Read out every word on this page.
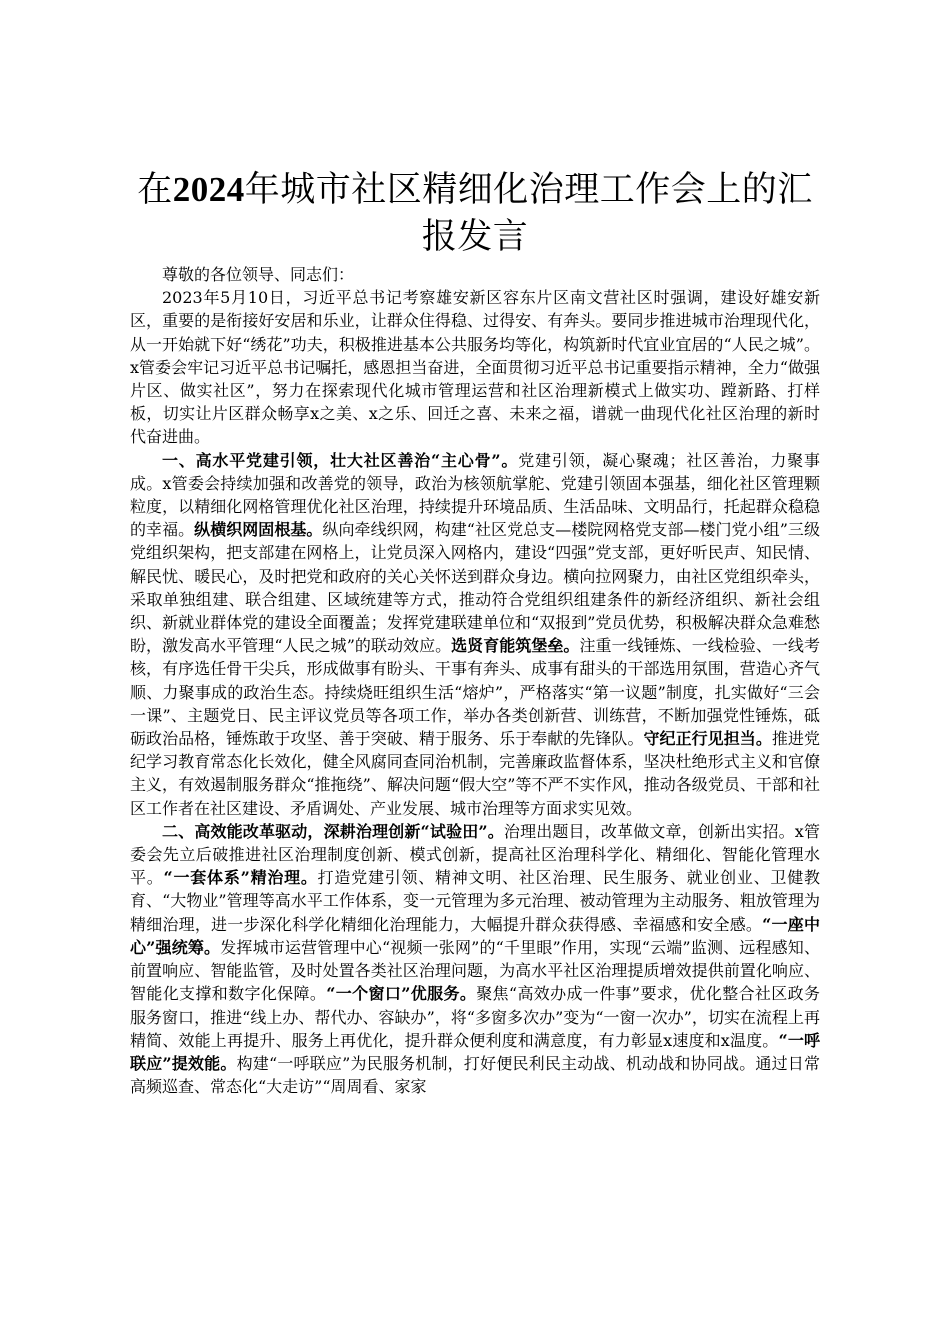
在2024年城市社区精细化治理工作会上的汇报发言

尊敬的各位领导、同志们：

2023年5月10日，习近平总书记考察雄安新区容东片区南文营社区时强调，建设好雄安新区，重要的是衔接好安居和乐业，让群众住得稳、过得安、有奔头。要同步推进城市治理现代化，从一开始就下好“绣花”功夫，积极推进基本公共服务均等化，构筑新时代宜业宜居的“人民之城”。x管委会牢记习近平总书记嘱托，感恩担当奋进，全面贯彻习近平总书记重要指示精神，全力“做强片区、做实社区”，努力在探索现代化城市管理运营和社区治理新模式上做实功、蹚新路、打样板，切实让片区群众畅享x之美、x之乐、回迁之喜、未来之福，谱就一曲现代化社区治理的新时代奋进曲。

一、高水平党建引领，壮大社区善治“主心骨”。党建引领，凝心聚魂；社区善治，力聚事成。x管委会持续加强和改善党的领导，政治为核领航掌舵、党建引领固本强基，细化社区管理颗粒度，以精细化网格管理优化社区治理，持续提升环境品质、生活品味、文明品行，托起群众稳稳的幸福。纵横织网固根基。纵向牵线织网，构建“社区党总支—楼院网格党支部—楼门党小组”三级党组织架构，把支部建在网格上，让党员深入网格内，建设“四强”党支部，更好听民声、知民情、解民忧、暖民心，及时把党和政府的关心关怀送到群众身边。横向拉网聚力，由社区党组织牵头，采取单独组建、联合组建、区域统建等方式，推动符合党组织组建条件的新经济组织、新社会组织、新就业群体党的建设全面覆盖；发挥党建联建单位和“双报到”党员优势，积极解决群众急难愁盼，激发高水平管理“人民之城”的联动效应。选贤育能筑堡垒。注重一线锤炼、一线检验、一线考核，有序选任骨干尖兵，形成做事有盼头、干事有奔头、成事有甜头的干部选用氛围，营造心齐气顺、力聚事成的政治生态。持续烧旺组织生活“熔炉”，严格落实“第一议题”制度，扎实做好“三会一课”、主题党日、民主评议党员等各项工作，举办各类创新营、训练营，不断加强党性锤炼，砥砺政治品格，锤炼敢于攻坚、善于突破、精于服务、乐于奉献的先锋队。守纪正行见担当。推进党纪学习教育常态化长效化，健全风腐同查同治机制，完善廉政监督体系，坚决杜绝形式主义和官僚主义，有效遏制服务群众“推拖绕”、解决问题“假大空”等不严不实作风，推动各级党员、干部和社区工作者在社区建设、矛盾调处、产业发展、城市治理等方面求实见效。

二、高效能改革驱动，深耕治理创新“试验田”。治理出题目，改革做文章，创新出实招。x管委会先立后破推进社区治理制度创新、模式创新，提高社区治理科学化、精细化、智能化管理水平。“一套体系”精治理。打造党建引领、精神文明、社区治理、民生服务、就业创业、卫健教育、“大物业”管理等高水平工作体系，变一元管理为多元治理、被动管理为主动服务、粗放管理为精细治理，进一步深化科学化精细化治理能力，大幅提升群众获得感、幸福感和安全感。“一座中心”强统筹。发挥城市运营管理中心“视频一张网”的“千里眼”作用，实现“云端”监测、远程感知、前置响应、智能监管，及时处置各类社区治理问题，为高水平社区治理提质增效提供前置化响应、智能化支撑和数字化保障。“一个窗口”优服务。聚焦“高效办成一件事”要求，优化整合社区政务服务窗口，推进“线上办、帮代办、容缺办”，将“多窗多次办”变为“一窗一次办”，切实在流程上再精简、效能上再提升、服务上再优化，提升群众便利度和满意度，有力彰显x速度和x温度。“一呼联应”提效能。构建“一呼联应”为民服务机制，打好便民利民主动战、机动战和协同战。通过日常高频巡查、常态化“大走访”“周周看、家家
